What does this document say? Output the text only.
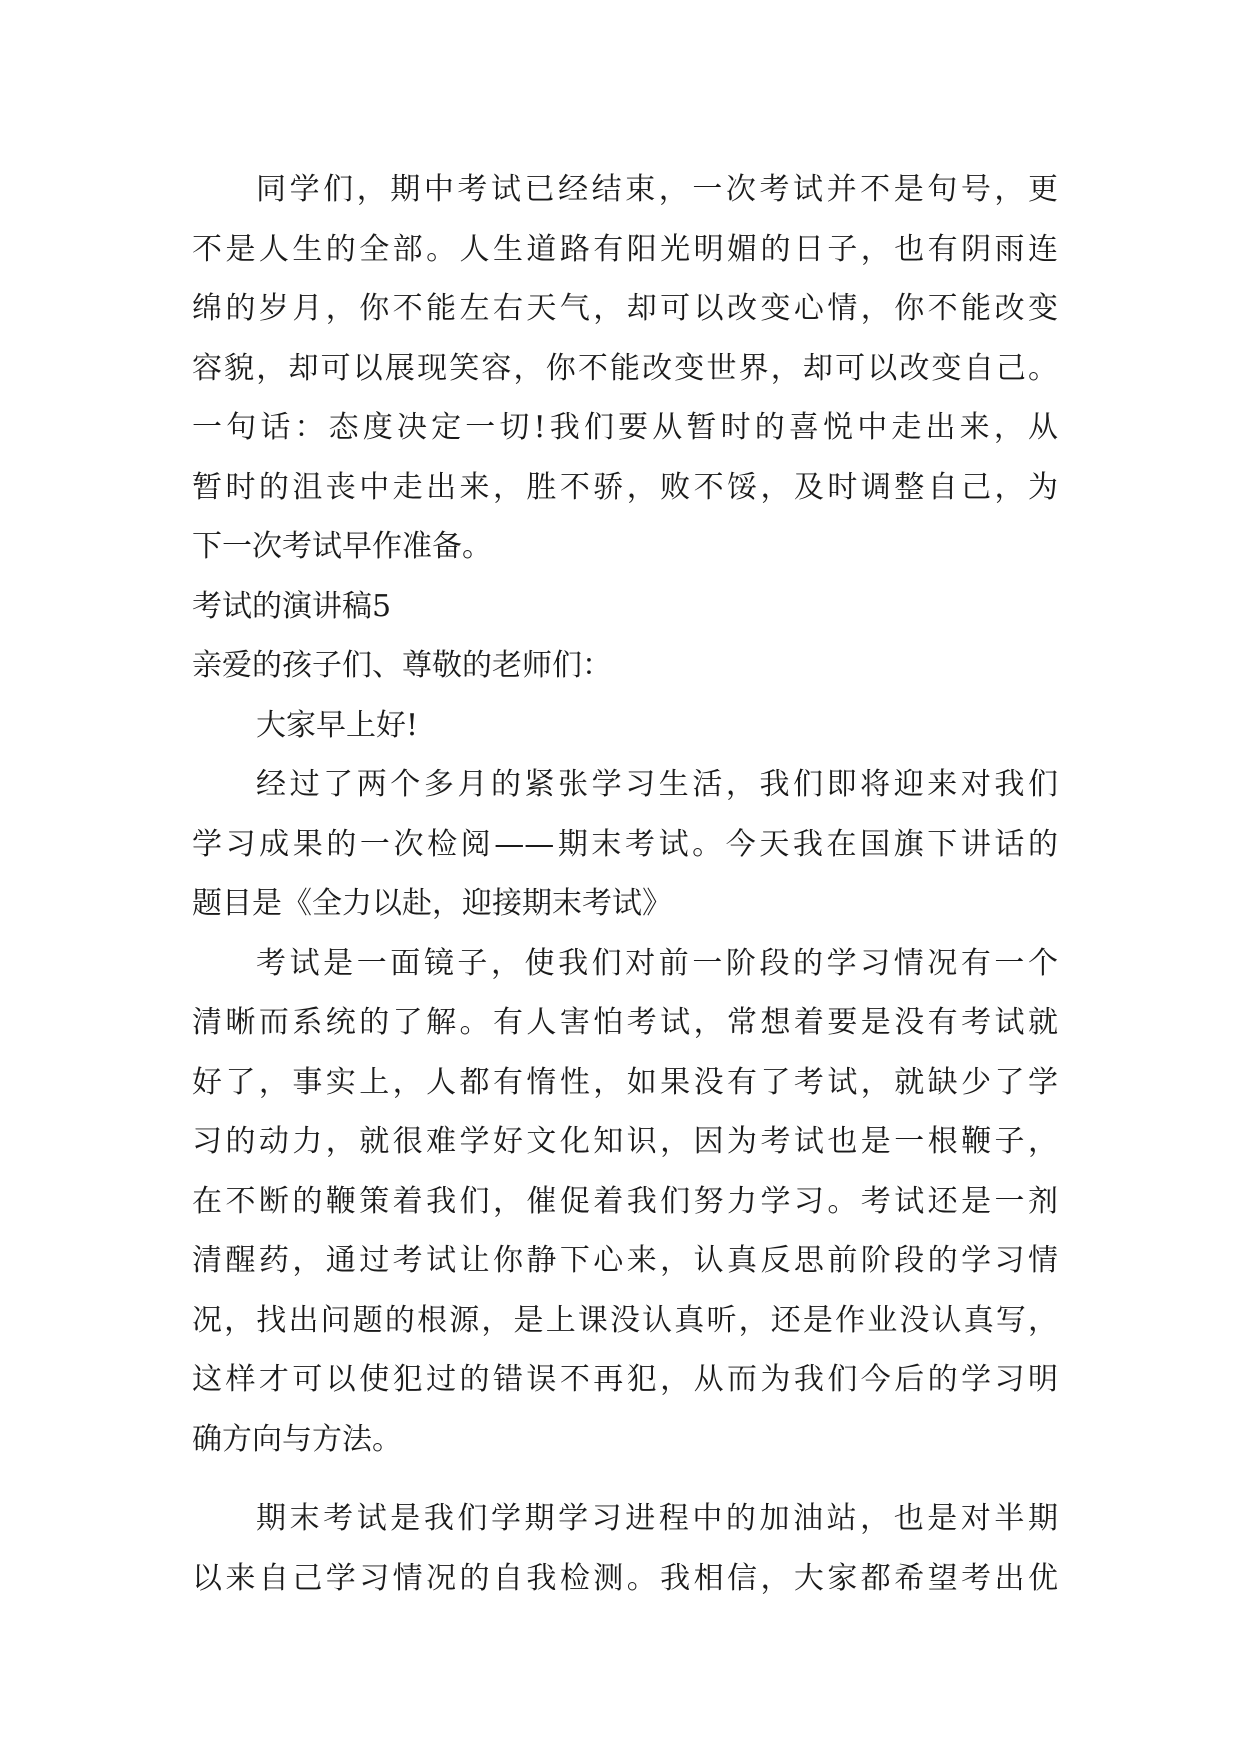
同学们，期中考试已经结束，一次考试并不是句号，更
不是人生的全部。人生道路有阳光明媚的日子，也有阴雨连
绵的岁月，你不能左右天气，却可以改变心情，你不能改变
容貌，却可以展现笑容，你不能改变世界，却可以改变自己。
一句话：态度决定一切!我们要从暂时的喜悦中走出来，从
暂时的沮丧中走出来，胜不骄，败不馁，及时调整自己，为
下一次考试早作准备。
考试的演讲稿5
亲爱的孩子们、尊敬的老师们：
大家早上好!
经过了两个多月的紧张学习生活，我们即将迎来对我们
学习成果的一次检阅——期末考试。今天我在国旗下讲话的
题目是《全力以赴，迎接期末考试》
考试是一面镜子，使我们对前一阶段的学习情况有一个
清晰而系统的了解。有人害怕考试，常想着要是没有考试就
好了，事实上，人都有惰性，如果没有了考试，就缺少了学
习的动力，就很难学好文化知识，因为考试也是一根鞭子，
在不断的鞭策着我们，催促着我们努力学习。考试还是一剂
清醒药，通过考试让你静下心来，认真反思前阶段的学习情
况，找出问题的根源，是上课没认真听，还是作业没认真写，
这样才可以使犯过的错误不再犯，从而为我们今后的学习明
确方向与方法。
期末考试是我们学期学习进程中的加油站，也是对半期
以来自己学习情况的自我检测。我相信，大家都希望考出优
